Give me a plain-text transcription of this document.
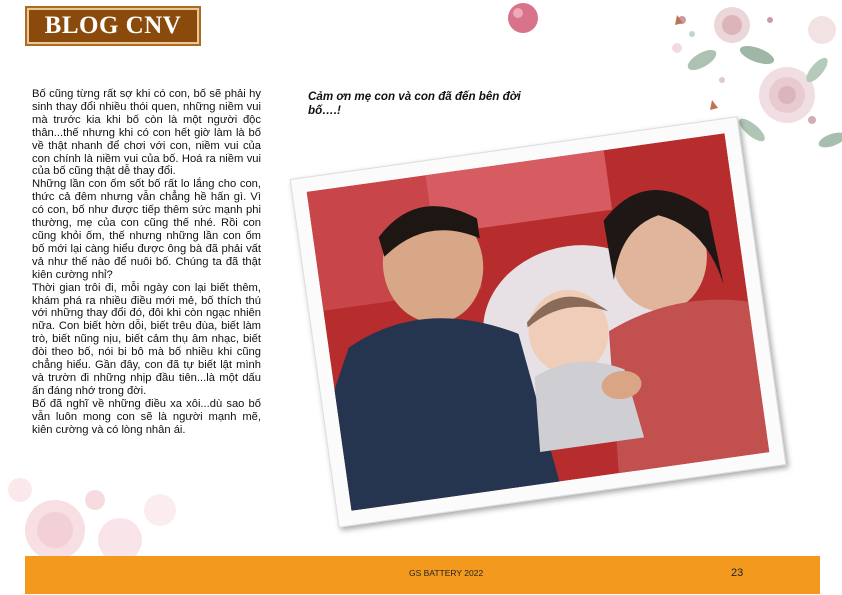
BLOG CNV

Bố cũng từng rất sợ khi có con, bố sẽ phải hy sinh thay đổi nhiều thói quen, những niềm vui mà trước kia khi bố còn là một người độc thân...thế nhưng khi có con hết giờ làm là bố về thật nhanh để chơi với con, niềm vui của con chính là niềm vui của bố. Hoá ra niềm vui của bố cũng thật dễ thay đổi.

Những lần con ốm sốt bố rất lo lắng cho con, thức cả đêm nhưng vẫn chẳng hề hấn gì. Vì có con, bố như được tiếp thêm sức mạnh phi thường, mẹ của con cũng thế nhé. Rồi con cũng khỏi ốm, thế nhưng những lần con ốm bố mới lại càng hiểu được ông bà đã phải vất vả như thế nào để nuôi bố. Chúng ta đã thật kiên cường nhỉ?

Thời gian trôi đi, mỗi ngày con lại biết thêm, khám phá ra nhiều điều mới mẻ, bố thích thú với những thay đổi đó, đôi khi còn ngạc nhiên nữa. Con biết hờn dỗi, biết trêu đùa, biết làm trò, biết nũng nịu, biết cảm thụ âm nhạc, biết đòi theo bố, nói bi bô mà bố nhiều khi cũng chẳng hiểu. Gần đây, con đã tự biết lật mình và trườn đi những nhịp đầu tiên...là một dấu ấn đáng nhớ trong đời.

Bố đã nghĩ về những điều xa xôi...dù sao bố vẫn luôn mong con sẽ là người mạnh mẽ, kiên cường và có lòng nhân ái.

Cảm ơn mẹ con và con đã đến bên đời bố….!
GS BATTERY 2022	23
